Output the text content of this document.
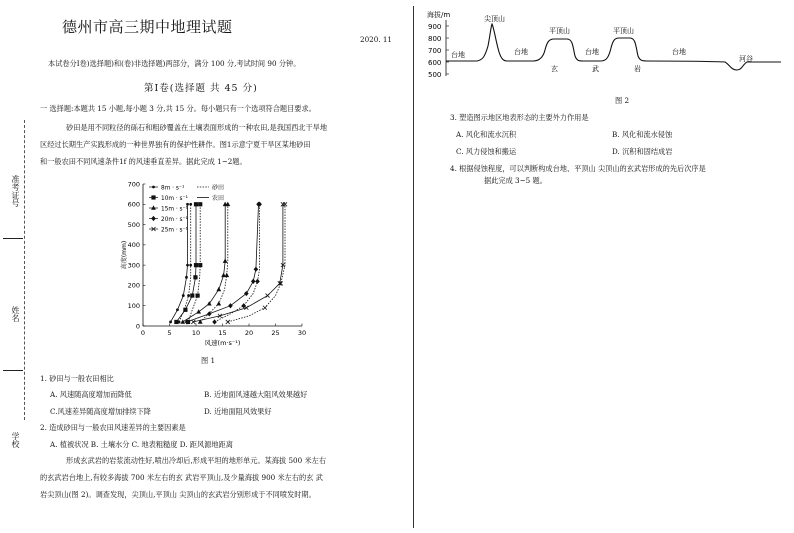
准考证号
姓名
学校
德州市高三期中地理试题
2020. 11
本试卷分Ⅰ卷)选择题)和(卷)非选择题)两部分，满分 100 分,考试时间 90 分钟。
第Ⅰ卷(选择题 共 45 分)
一 选择题:本题共 15 小题,每小题 3 分,共 15 分。每小题只有一个选项符合题目要求。
砂田是用不同粒径的砾石和粗砂覆盖在土壤表面形成的一种农田,是我国西北干旱地
区经过长期生产实践形成的一种世界独有的保护性耕作。图1示意宁夏干旱区某地砂田
和一般农田不同风速条件1f 的风速垂直差异。据此完成 1~2题。
0	5	10	15	20	25	30
0
100
200
300
400
500
600
700
风速(m·s⁻¹)
高度(mm)
8m · s⁻¹
10m · s⁻¹
15m · s⁻¹
20m · s⁻¹
25m · s⁻¹
砂田
农田
图 1
1. 砂田与一般农田相比
A. 风速随高度增加而降低	B. 近地面风速越大阻风效果越好
C.风速差异随高度增加排续下降	D. 近地面阻风效果好
2. 造成砂田与一般农田风速差异的主要因素是
A. 植被状况 B. 土壤水分 C. 地表粗糙度 D. 距风源地距离
形成玄武岩的岩浆流动性好,喷出冷却后,形成平坦的地形单元。某海拔 500 米左右
的玄武岩台地上,有较多海拔 700 米左右的玄 武岩平顶山,及少量海拔 900 米左右的玄 武
岩尖顶山(图 2)。调查发现，尖顶山,平顶山 尖顶山的玄武岩分别形成于不同喷发时期。
海拔/m
900
800
700
600
500
尖顶山
平顶山	平顶山
台地	台地	台地	台地
河谷
玄	武	岩
图 2
3. 塑造图示地区地表形态的主要外力作用是
A. 风化和流水沉积	B. 风化和流水侵蚀
C. 风力侵蚀和搬运	D. 沉积和固结成岩
4. 根据侵蚀程度，可以判断构成台地、平顶山 尖顶山的玄武岩形成的先后次序是
据此完成 3~5 题。
